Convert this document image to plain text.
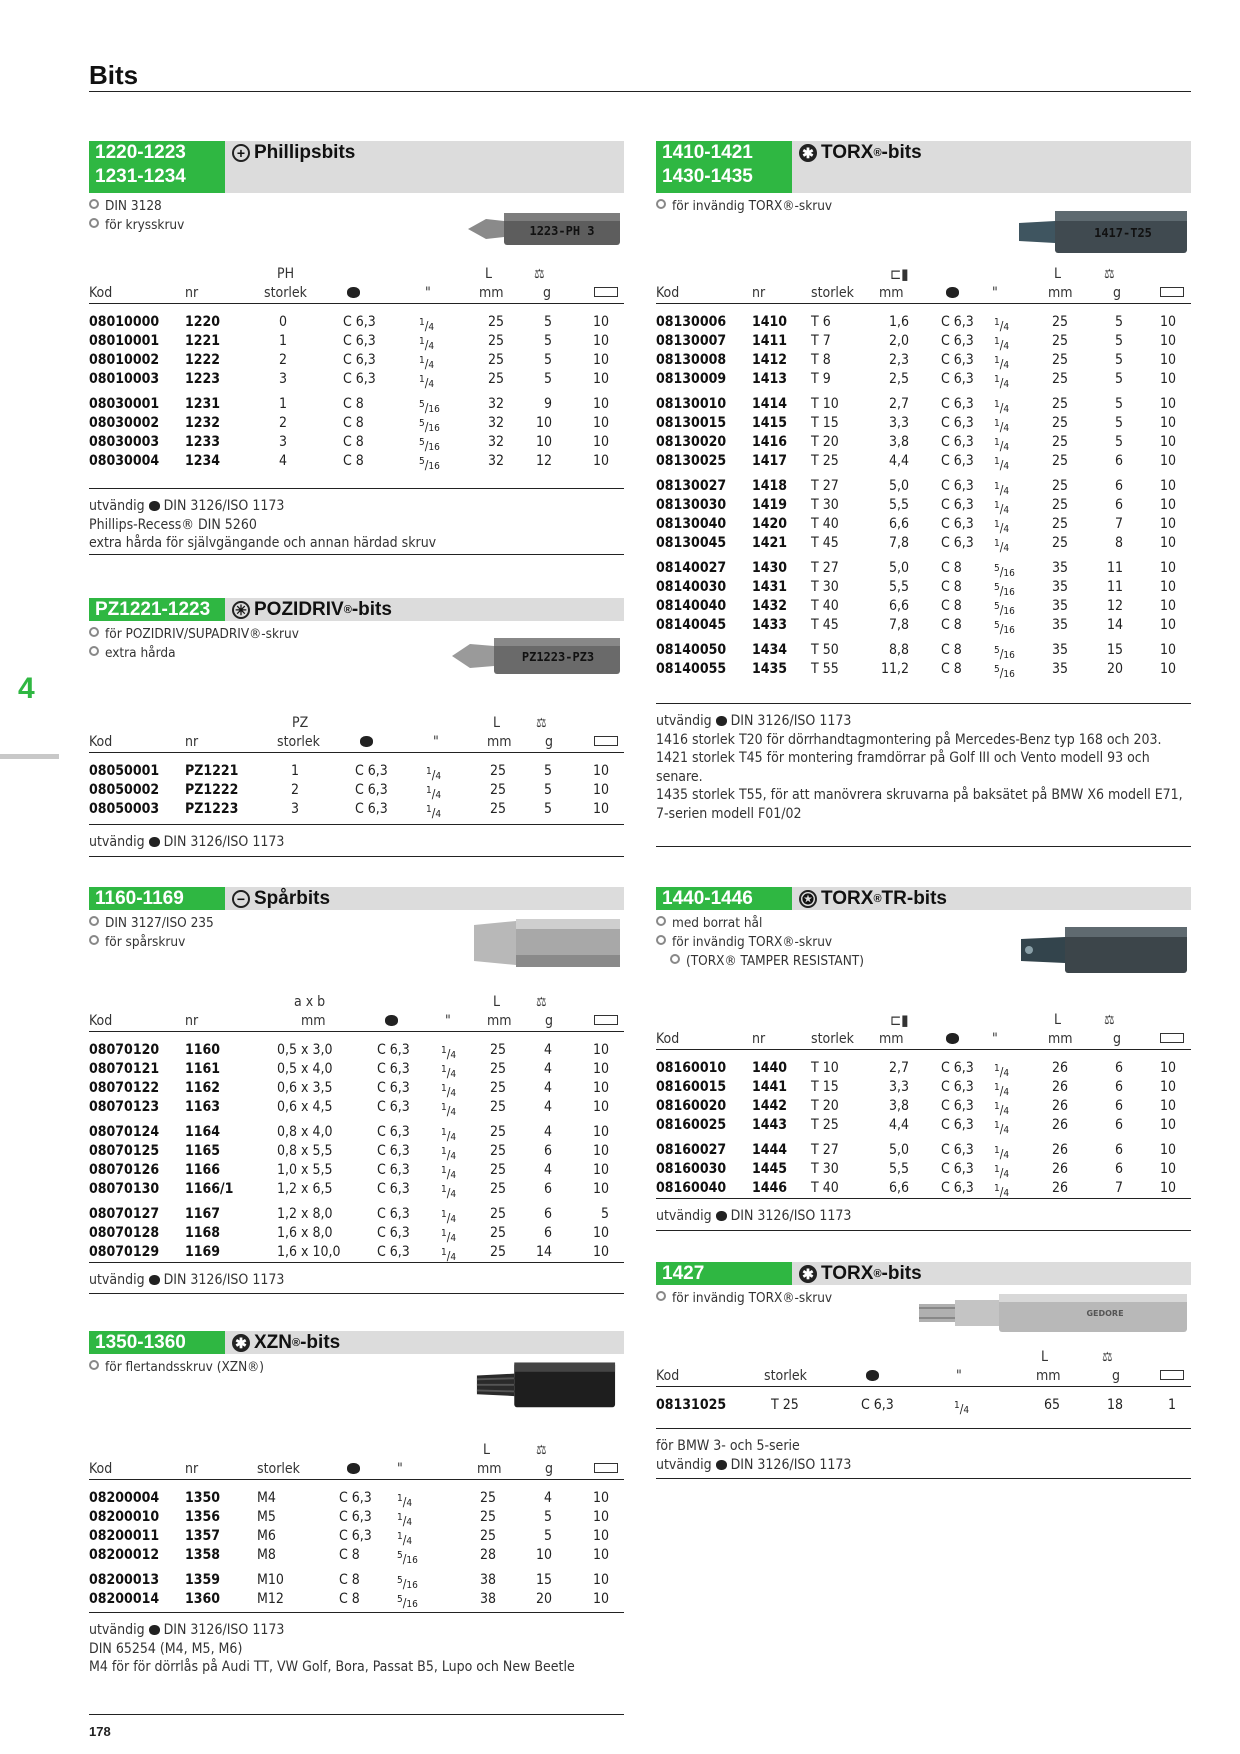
Bits
4
178
1220-1223
1231-1234
+ Phillipsbits
DIN 3128
för krysskruv	1223-PH 3
PH	L	⚖
Kod	nr	storlek	"	mm	g
08010000 1220	0	C 6,3	$^1$/4	25	5	10
08010001 1221	1	C 6,3	$^1$/4	25	5	10
08010002 1222	2	C 6,3	$^1$/4	25	5	10
08010003 1223	3	C 6,3	$^1$/4	25	5	10
08030001 1231	1	C 8	$^5$/16	32	9	10
08030002 1232	2	C 8	$^5$/16	32 10	10
08030003 1233	3	C 8	$^5$/16	32 10	10
08030004 1234	4	C 8	$^5$/16	32 12	10
utvändig DIN 3126/ISO 1173
Phillips-Recess® DIN 5260
extra hårda för självgängande och annan härdad skruv
PZ1221-1223	✳ POZIDRIV ® -bits
för POZIDRIV/SUPADRIV®-skruv
extra hårda	PZ1223-PZ3
PZ	L	⚖
Kod	nr	storlek	"	mm g
08050001 PZ1221	1	C 6,3	$^1$/4	25	5	10
08050002 PZ1222	2	C 6,3	$^1$/4	25	5	10
08050003 PZ1223	3	C 6,3	$^1$/4	25	5	10
utvändig DIN 3126/ISO 1173
1160-1169	− Spårbits
DIN 3127/ISO 235
för spårskruv
a x b	L	⚖
Kod	nr	mm	"	mm g
08070120 1160	0,5 x 3,0	C 6,3	$^1$/4 25	4	10
08070121 1161	0,5 x 4,0	C 6,3	$^1$/4 25	4	10
08070122 1162	0,6 x 3,5	C 6,3	$^1$/4 25	4	10
08070123 1163	0,6 x 4,5	C 6,3	$^1$/4 25	4	10
08070124 1164	0,8 x 4,0	C 6,3	$^1$/4 25	4	10
08070125 1165	0,8 x 5,5	C 6,3	$^1$/4 25	6	10
08070126 1166	1,0 x 5,5	C 6,3	$^1$/4 25	4	10
08070130 1166/1	1,2 x 6,5	C 6,3	$^1$/4 25	6	10
08070127 1167	1,2 x 8,0	C 6,3	$^1$/4 25	6	5
08070128 1168	1,6 x 8,0	C 6,3	$^1$/4 25	6	10
08070129 1169	1,6 x 10,0	C 6,3	$^1$/4 25 14	10
utvändig DIN 3126/ISO 1173
1350-1360	✱ XZN ® -bits
för flertandsskruv (XZN®)
L	⚖
Kod	nr	storlek	"	mm	g
08200004 1350	M4	C 6,3	$^1$/4	25	4	10
08200010 1356	M5	C 6,3	$^1$/4	25	5	10
08200011 1357	M6	C 6,3	$^1$/4	25	5	10
08200012 1358	M8	C 8	$^5$/16	28	10	10
08200013 1359	M10	C 8	$^5$/16	38	15	10
08200014 1360	M12	C 8	$^5$/16	38	20	10
utvändig DIN 3126/ISO 1173
DIN 65254 (M4, M5, M6)
M4 för för dörrlås på Audi TT, VW Golf, Bora, Passat B5, Lupo och New Beetle
1410-1421
1430-1435
✱ TORX ® -bits
för invändig TORX®-skruv
1417-T25
⊏▮	L	⚖
Kod	nr	storlek mm	"	mm	g
08130006 1410 T 6	1,6 C 6,3 $^1$/4	25	5	10
08130007 1411 T 7	2,0 C 6,3 $^1$/4	25	5	10
08130008 1412 T 8	2,3 C 6,3 $^1$/4	25	5	10
08130009 1413 T 9	2,5 C 6,3 $^1$/4	25	5	10
08130010 1414 T 10	2,7 C 6,3 $^1$/4	25	5	10
08130015 1415 T 15	3,3 C 6,3 $^1$/4	25	5	10
08130020 1416 T 20	3,8 C 6,3 $^1$/4	25	5	10
08130025 1417 T 25	4,4 C 6,3 $^1$/4	25	6	10
08130027 1418 T 27	5,0 C 6,3 $^1$/4	25	6	10
08130030 1419 T 30	5,5 C 6,3 $^1$/4	25	6	10
08130040 1420 T 40	6,6 C 6,3 $^1$/4	25	7	10
08130045 1421 T 45	7,8 C 6,3 $^1$/4	25	8	10
08140027 1430 T 27	5,0 C 8	$^5$/16	35	11	10
08140030 1431 T 30	5,5 C 8	$^5$/16	35	11	10
08140040 1432 T 40	6,6 C 8	$^5$/16	35	12	10
08140045 1433 T 45	7,8 C 8	$^5$/16	35	14	10
08140050 1434 T 50	8,8 C 8	$^5$/16	35	15	10
08140055 1435 T 55	11,2 C 8	$^5$/16	35	20	10
utvändig DIN 3126/ISO 1173
1416 storlek T20 för dörrhandtagmontering på Mercedes-Benz typ 168 och 203.
1421 storlek T45 för montering framdörrar på Golf III och Vento modell 93 och senare.
1435 storlek T55, för att manövrera skruvarna på baksätet på BMW X6 modell E71, 7-serien modell F01/02
1440-1446	✪ TORX ® TR-bits
med borrat hål
för invändig TORX®-skruv
(TORX® TAMPER RESISTANT)
⊏▮	L	⚖
Kod	nr	storlek mm	"	mm	g
08160010 1440 T 10	2,7 C 6,3 $^1$/4	26	6	10
08160015 1441 T 15	3,3 C 6,3 $^1$/4	26	6	10
08160020 1442 T 20	3,8 C 6,3 $^1$/4	26	6	10
08160025 1443 T 25	4,4 C 6,3 $^1$/4	26	6	10
08160027 1444 T 27	5,0 C 6,3 $^1$/4	26	6	10
08160030 1445 T 30	5,5 C 6,3 $^1$/4	26	6	10
08160040 1446 T 40	6,6 C 6,3 $^1$/4	26	7	10
utvändig DIN 3126/ISO 1173
1427	✱ TORX ® -bits
för invändig TORX®-skruv
GEDORE
L	⚖
Kod	storlek	"	mm	g
08131025	T 25	C 6,3	$^1$/4	65	18	1
för BMW 3- och 5-serie
utvändig DIN 3126/ISO 1173
